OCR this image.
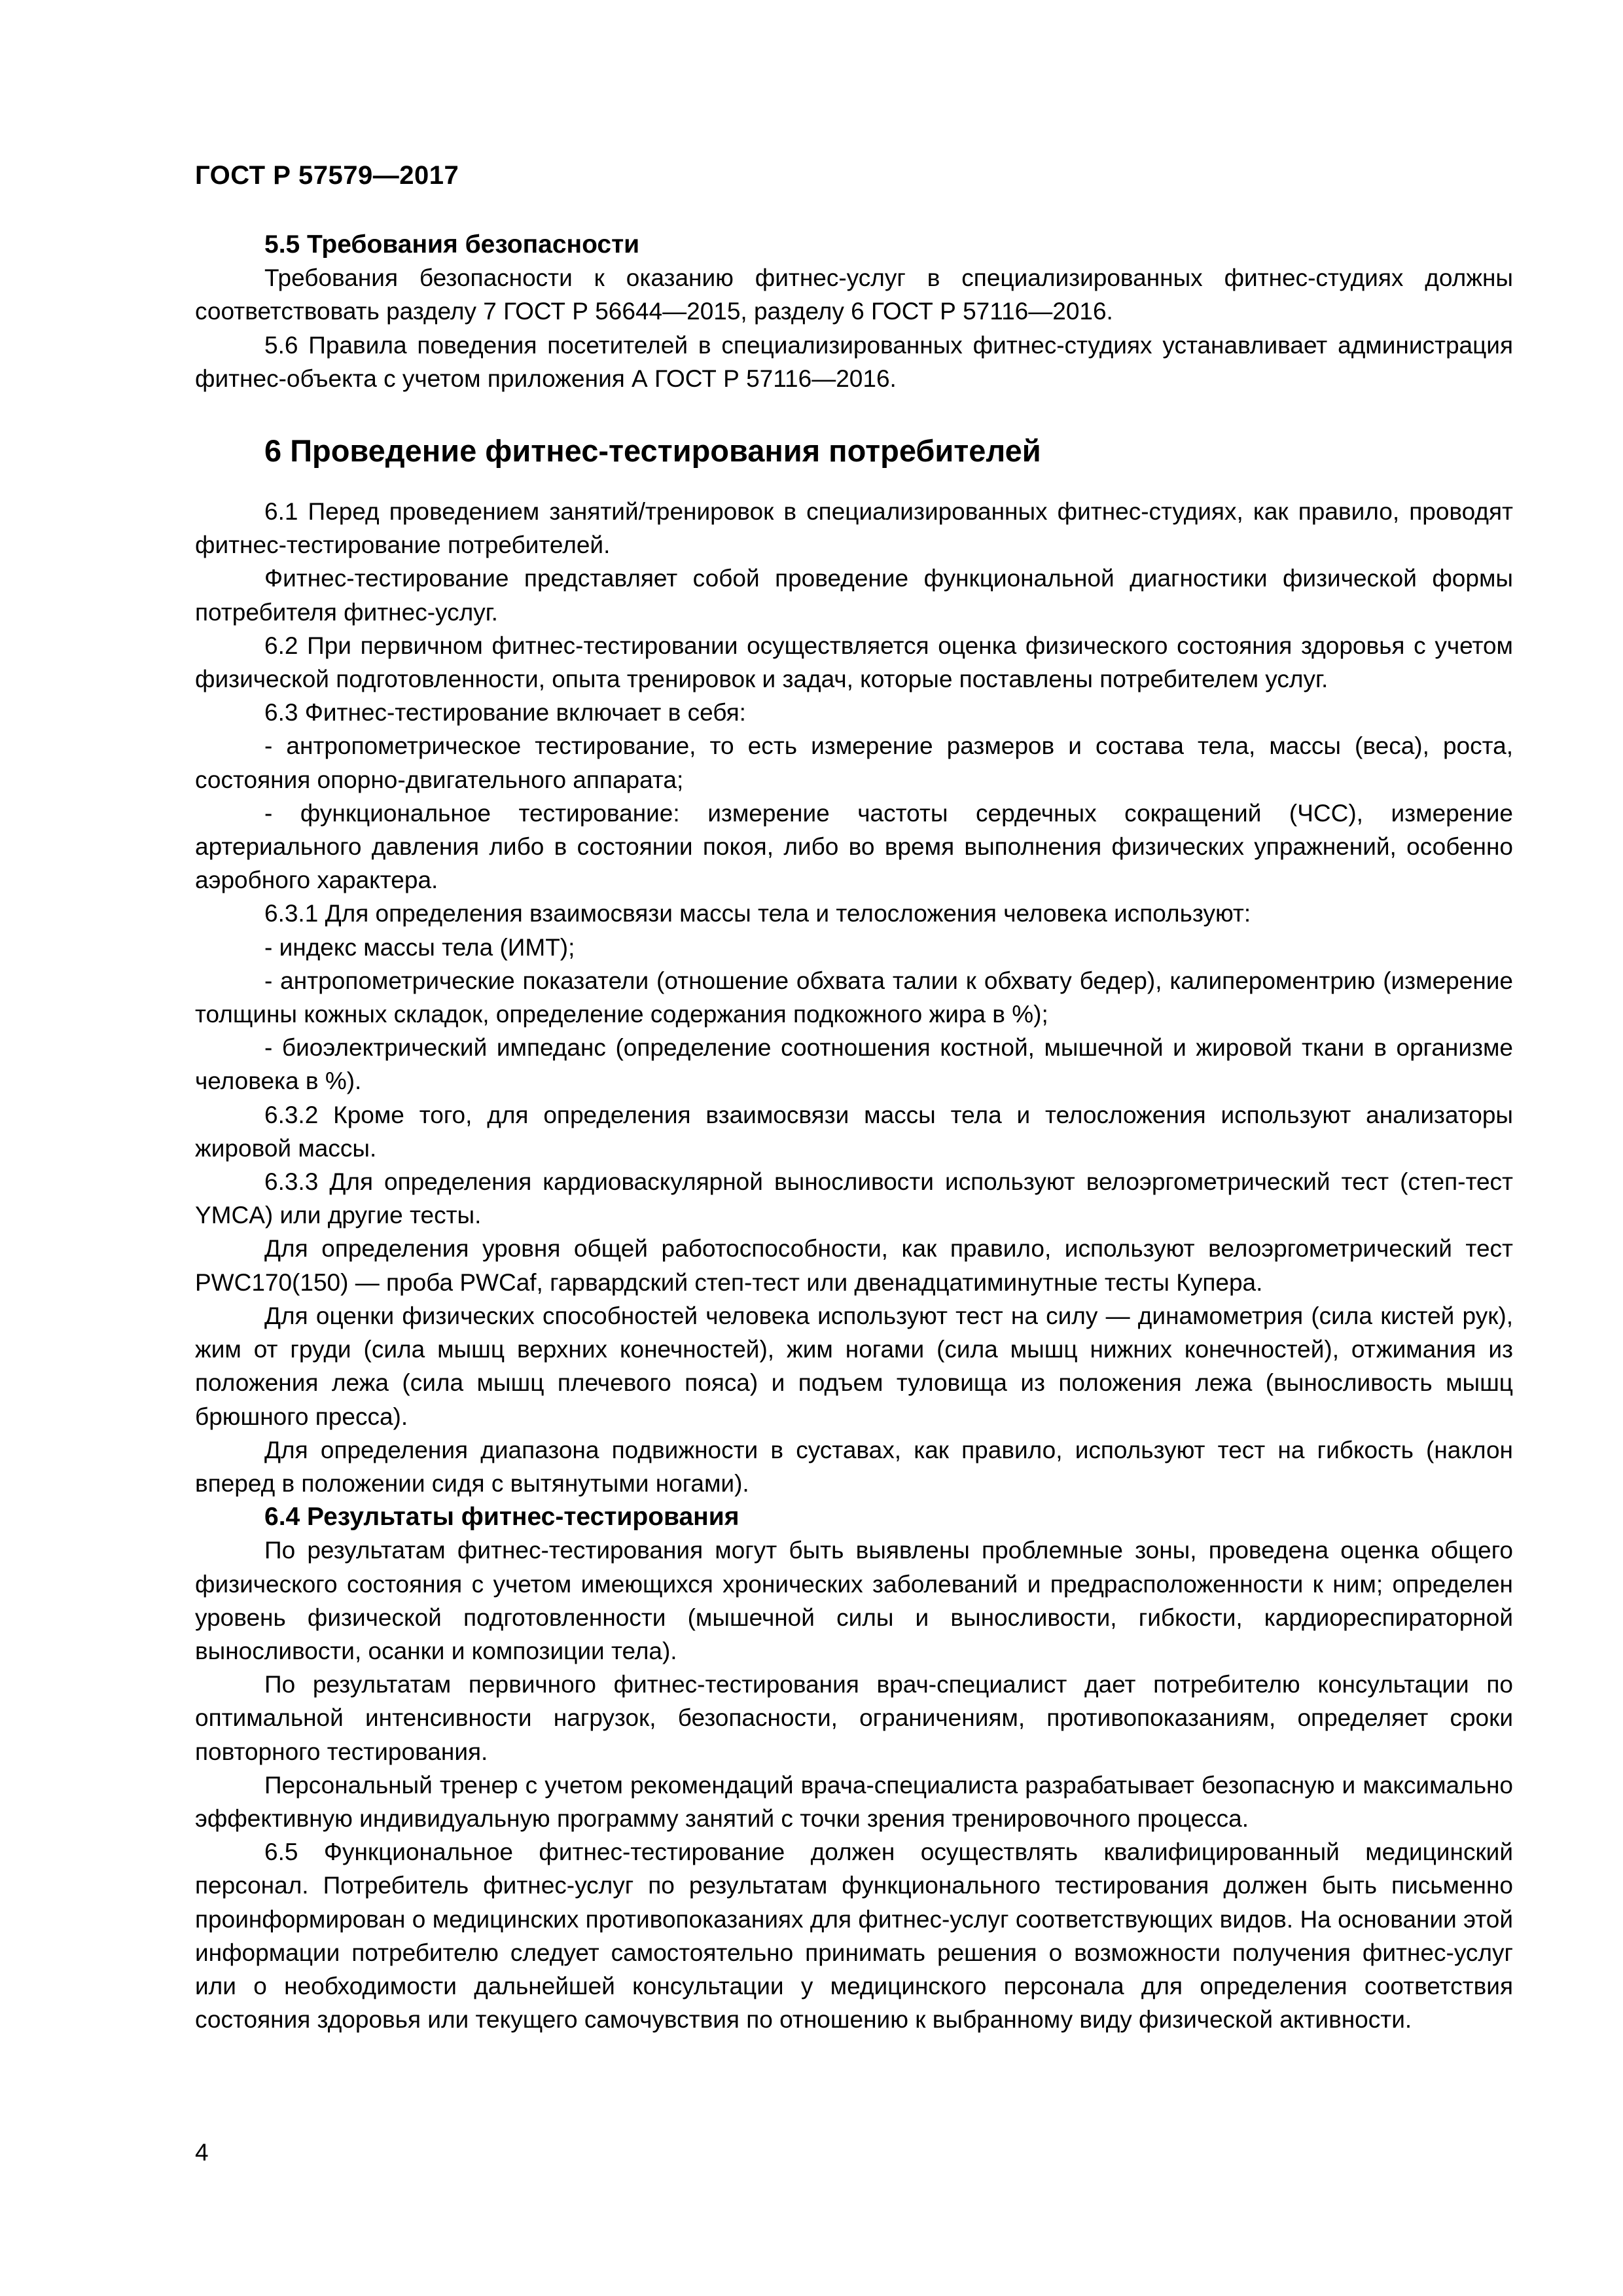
ГОСТ Р 57579—2017
5.5 Требования безопасности

Требования безопасности к оказанию фитнес-услуг в специализированных фитнес-студиях должны соответствовать разделу 7 ГОСТ Р 56644—2015, разделу 6 ГОСТ Р 57116—2016.

5.6 Правила поведения посетителей в специализированных фитнес-студиях устанавливает администрация фитнес-объекта с учетом приложения А ГОСТ Р 57116—2016.

6 Проведение фитнес-тестирования потребителей

6.1 Перед проведением занятий/тренировок в специализированных фитнес-студиях, как правило, проводят фитнес-тестирование потребителей.

Фитнес-тестирование представляет собой проведение функциональной диагностики физической формы потребителя фитнес-услуг.

6.2 При первичном фитнес-тестировании осуществляется оценка физического состояния здоровья с учетом физической подготовленности, опыта тренировок и задач, которые поставлены потребителем услуг.

6.3 Фитнес-тестирование включает в себя:

- антропометрическое тестирование, то есть измерение размеров и состава тела, массы (веса), роста, состояния опорно-двигательного аппарата;

- функциональное тестирование: измерение частоты сердечных сокращений (ЧСС), измерение артериального давления либо в состоянии покоя, либо во время выполнения физических упражнений, особенно аэробного характера.

6.3.1 Для определения взаимосвязи массы тела и телосложения человека используют:

- индекс массы тела (ИМТ);

- антропометрические показатели (отношение обхвата талии к обхвату бедер), калипероментрию (измерение толщины кожных складок, определение содержания подкожного жира в %);

- биоэлектрический импеданс (определение соотношения костной, мышечной и жировой ткани в организме человека в %).

6.3.2 Кроме того, для определения взаимосвязи массы тела и телосложения используют анализаторы жировой массы.

6.3.3 Для определения кардиоваскулярной выносливости используют велоэргометрический тест (степ-тест YMCA) или другие тесты.

Для определения уровня общей работоспособности, как правило, используют велоэргометрический тест PWC170(150) — проба PWCaf, гарвардский степ-тест или двенадцатиминутные тесты Купера.

Для оценки физических способностей человека используют тест на силу — динамометрия (сила кистей рук), жим от груди (сила мышц верхних конечностей), жим ногами (сила мышц нижних конечностей), отжимания из положения лежа (сила мышц плечевого пояса) и подъем туловища из положения лежа (выносливость мышц брюшного пресса).

Для определения диапазона подвижности в суставах, как правило, используют тест на гибкость (наклон вперед в положении сидя с вытянутыми ногами).

6.4 Результаты фитнес-тестирования

По результатам фитнес-тестирования могут быть выявлены проблемные зоны, проведена оценка общего физического состояния с учетом имеющихся хронических заболеваний и предрасположенности к ним; определен уровень физической подготовленности (мышечной силы и выносливости, гибкости, кардиореспираторной выносливости, осанки и композиции тела).

По результатам первичного фитнес-тестирования врач-специалист дает потребителю консультации по оптимальной интенсивности нагрузок, безопасности, ограничениям, противопоказаниям, определяет сроки повторного тестирования.

Персональный тренер с учетом рекомендаций врача-специалиста разрабатывает безопасную и максимально эффективную индивидуальную программу занятий с точки зрения тренировочного процесса.

6.5 Функциональное фитнес-тестирование должен осуществлять квалифицированный медицинский персонал. Потребитель фитнес-услуг по результатам функционального тестирования должен быть письменно проинформирован о медицинских противопоказаниях для фитнес-услуг соответствующих видов. На основании этой информации потребителю следует самостоятельно принимать решения о возможности получения фитнес-услуг или о необходимости дальнейшей консультации у медицинского персонала для определения соответствия состояния здоровья или текущего самочувствия по отношению к выбранному виду физической активности.

4
